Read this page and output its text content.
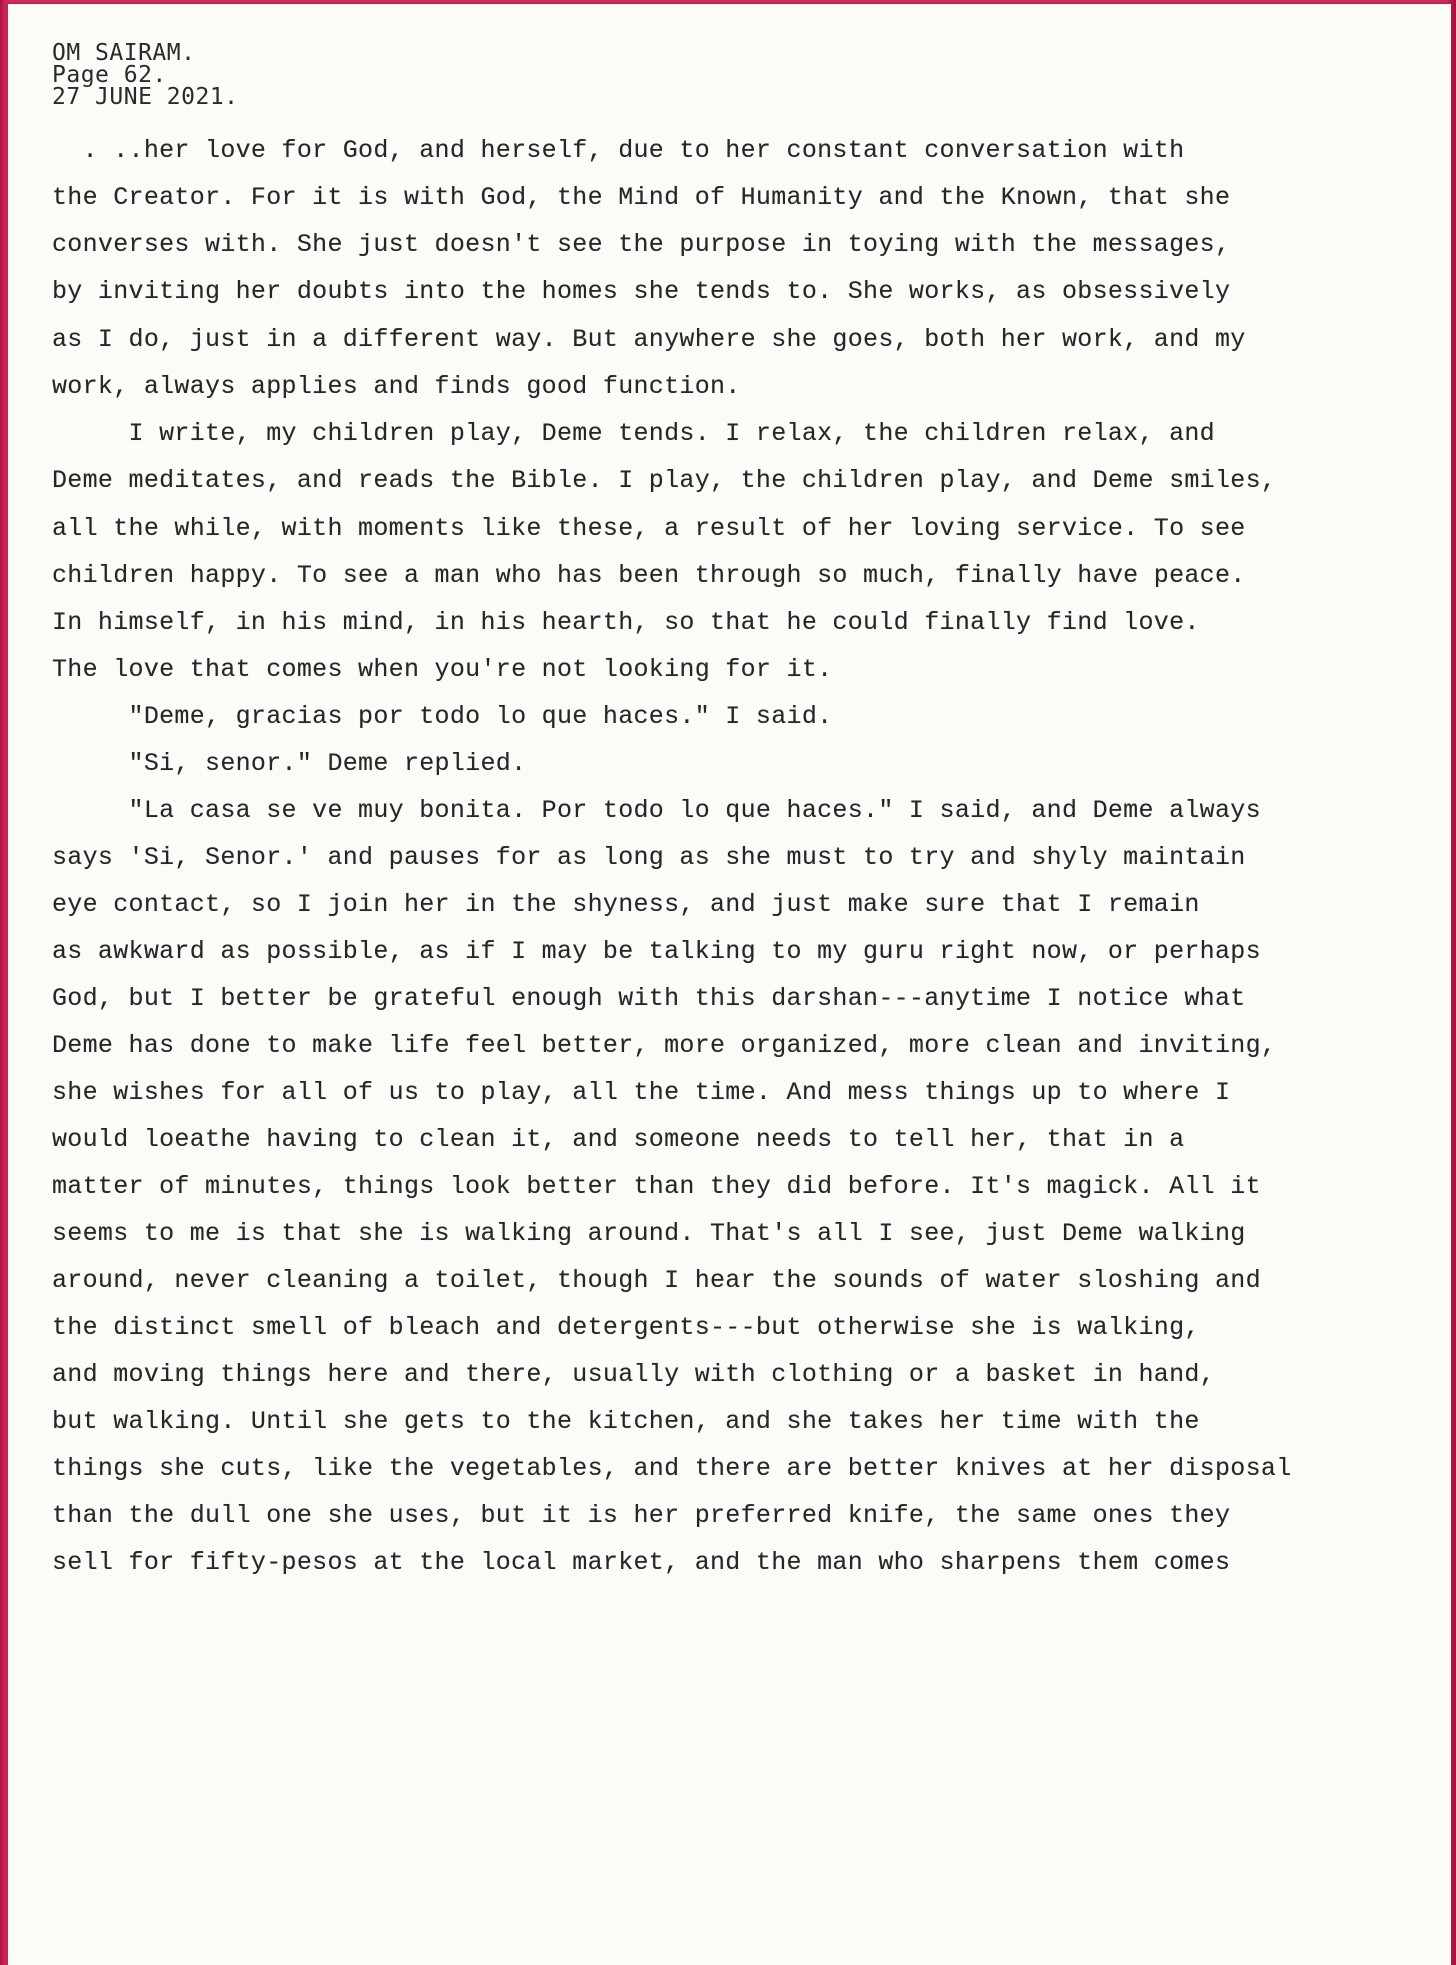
OM SAIRAM.
Page 62.
27 JUNE 2021.
. ..her love for God, and herself, due to her constant conversation with
the Creator. For it is with God, the Mind of Humanity and the Known, that she
converses with. She just doesn't see the purpose in toying with the messages,
by inviting her doubts into the homes she tends to. She works, as obsessively
as I do, just in a different way. But anywhere she goes, both her work, and my
work, always applies and finds good function.
I write, my children play, Deme tends. I relax, the children relax, and
Deme meditates, and reads the Bible. I play, the children play, and Deme smiles,
all the while, with moments like these, a result of her loving service. To see
children happy. To see a man who has been through so much, finally have peace.
In himself, in his mind, in his hearth, so that he could finally find love.
The love that comes when you're not looking for it.
"Deme, gracias por todo lo que haces." I said.
"Si, senor." Deme replied.
"La casa se ve muy bonita. Por todo lo que haces." I said, and Deme always
says 'Si, Senor.' and pauses for as long as she must to try and shyly maintain
eye contact, so I join her in the shyness, and just make sure that I remain
as awkward as possible, as if I may be talking to my guru right now, or perhaps
God, but I better be grateful enough with this darshan---anytime I notice what
Deme has done to make life feel better, more organized, more clean and inviting,
she wishes for all of us to play, all the time. And mess things up to where I
would loeathe having to clean it, and someone needs to tell her, that in a
matter of minutes, things look better than they did before. It's magick. All it
seems to me is that she is walking around. That's all I see, just Deme walking
around, never cleaning a toilet, though I hear the sounds of water sloshing and
the distinct smell of bleach and detergents---but otherwise she is walking,
and moving things here and there, usually with clothing or a basket in hand,
but walking. Until she gets to the kitchen, and she takes her time with the
things she cuts, like the vegetables, and there are better knives at her disposal
than the dull one she uses, but it is her preferred knife, the same ones they
sell for fifty-pesos at the local market, and the man who sharpens them comes
